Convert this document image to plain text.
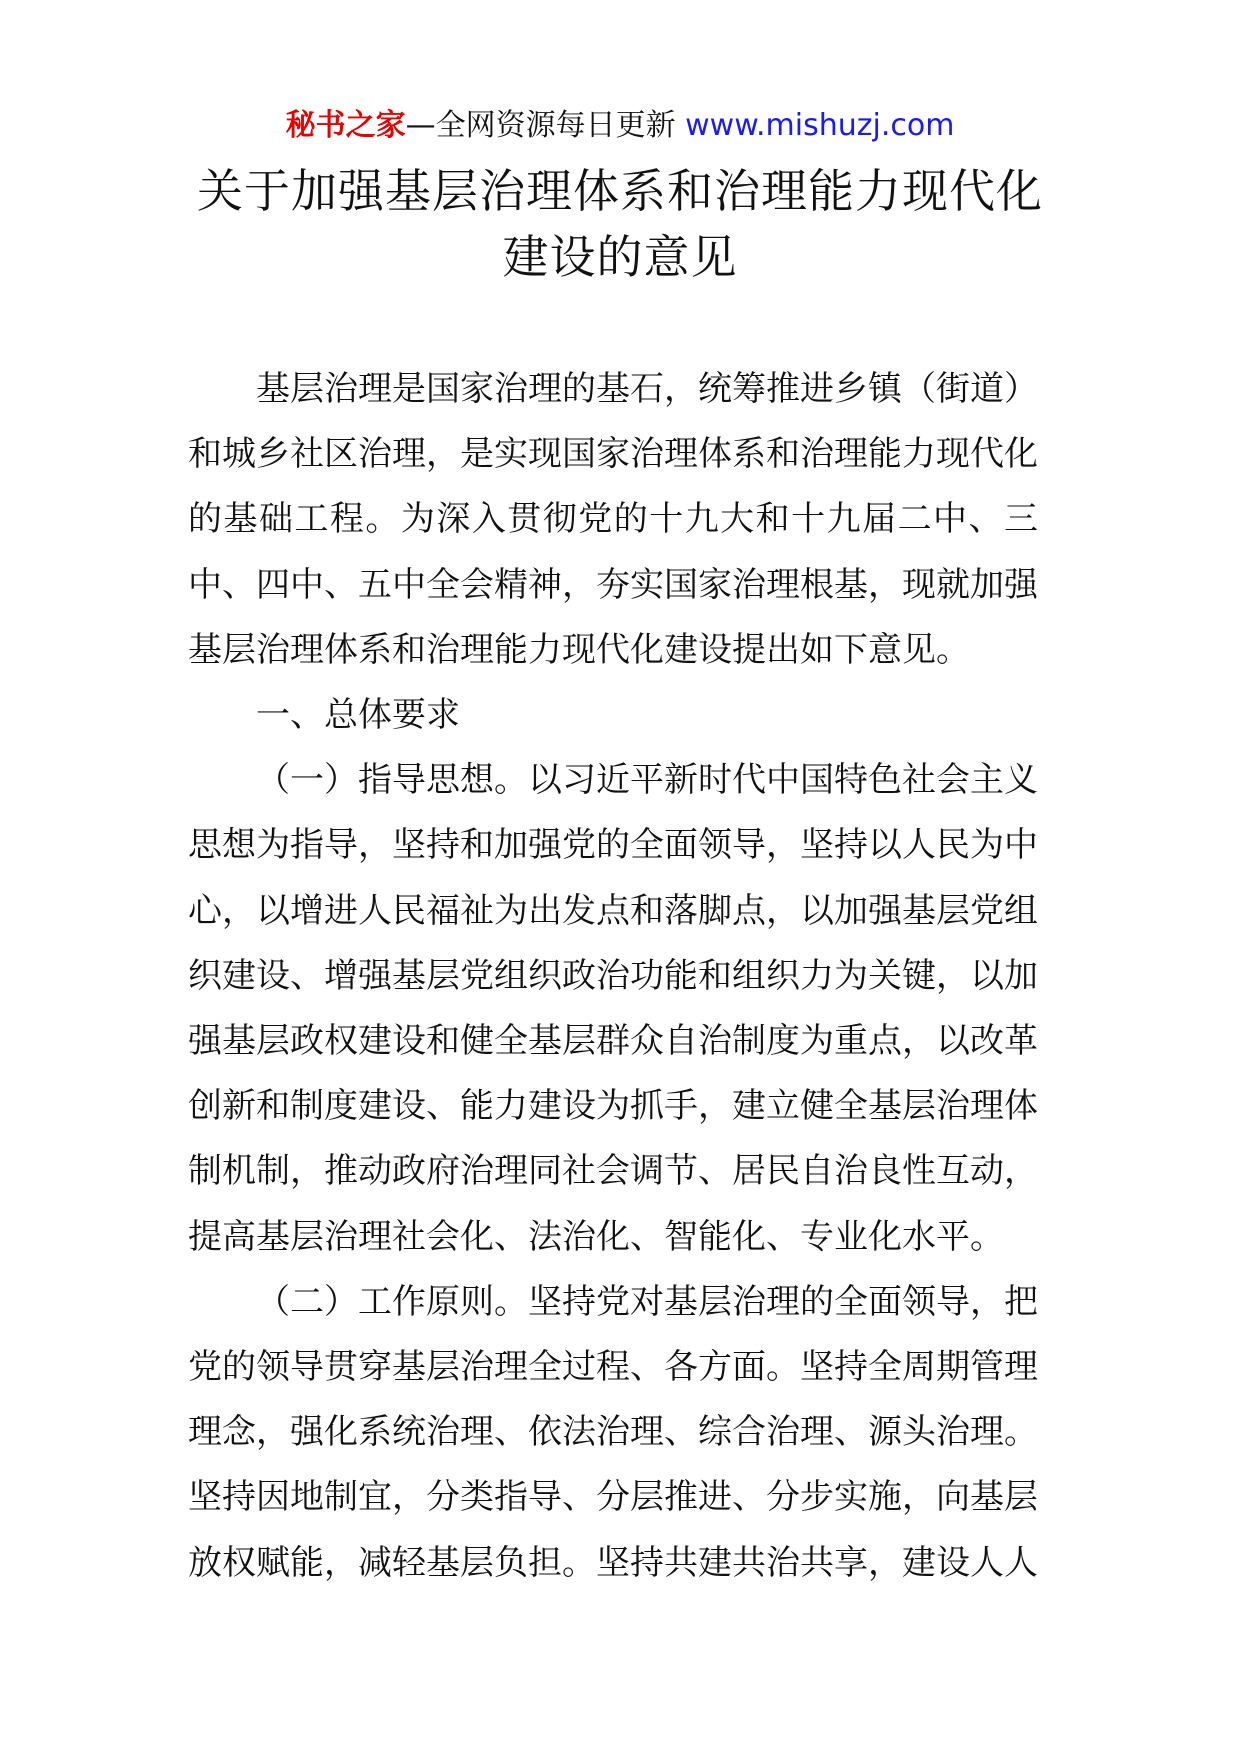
秘书之家—全网资源每日更新 www.mishuzj.com
关于加强基层治理体系和治理能力现代化
建设的意见

基层治理是国家治理的基石，统筹推进乡镇（街道）和城乡社区治理，是实现国家治理体系和治理能力现代化的基础工程。为深入贯彻党的十九大和十九届二中、三中、四中、五中全会精神，夯实国家治理根基，现就加强基层治理体系和治理能力现代化建设提出如下意见。

一、总体要求

（一）指导思想。以习近平新时代中国特色社会主义思想为指导，坚持和加强党的全面领导，坚持以人民为中心，以增进人民福祉为出发点和落脚点，以加强基层党组织建设、增强基层党组织政治功能和组织力为关键，以加强基层政权建设和健全基层群众自治制度为重点，以改革创新和制度建设、能力建设为抓手，建立健全基层治理体制机制，推动政府治理同社会调节、居民自治良性互动，提高基层治理社会化、法治化、智能化、专业化水平。

（二）工作原则。坚持党对基层治理的全面领导，把党的领导贯穿基层治理全过程、各方面。坚持全周期管理理念，强化系统治理、依法治理、综合治理、源头治理。坚持因地制宜，分类指导、分层推进、分步实施，向基层放权赋能，减轻基层负担。坚持共建共治共享，建设人人
